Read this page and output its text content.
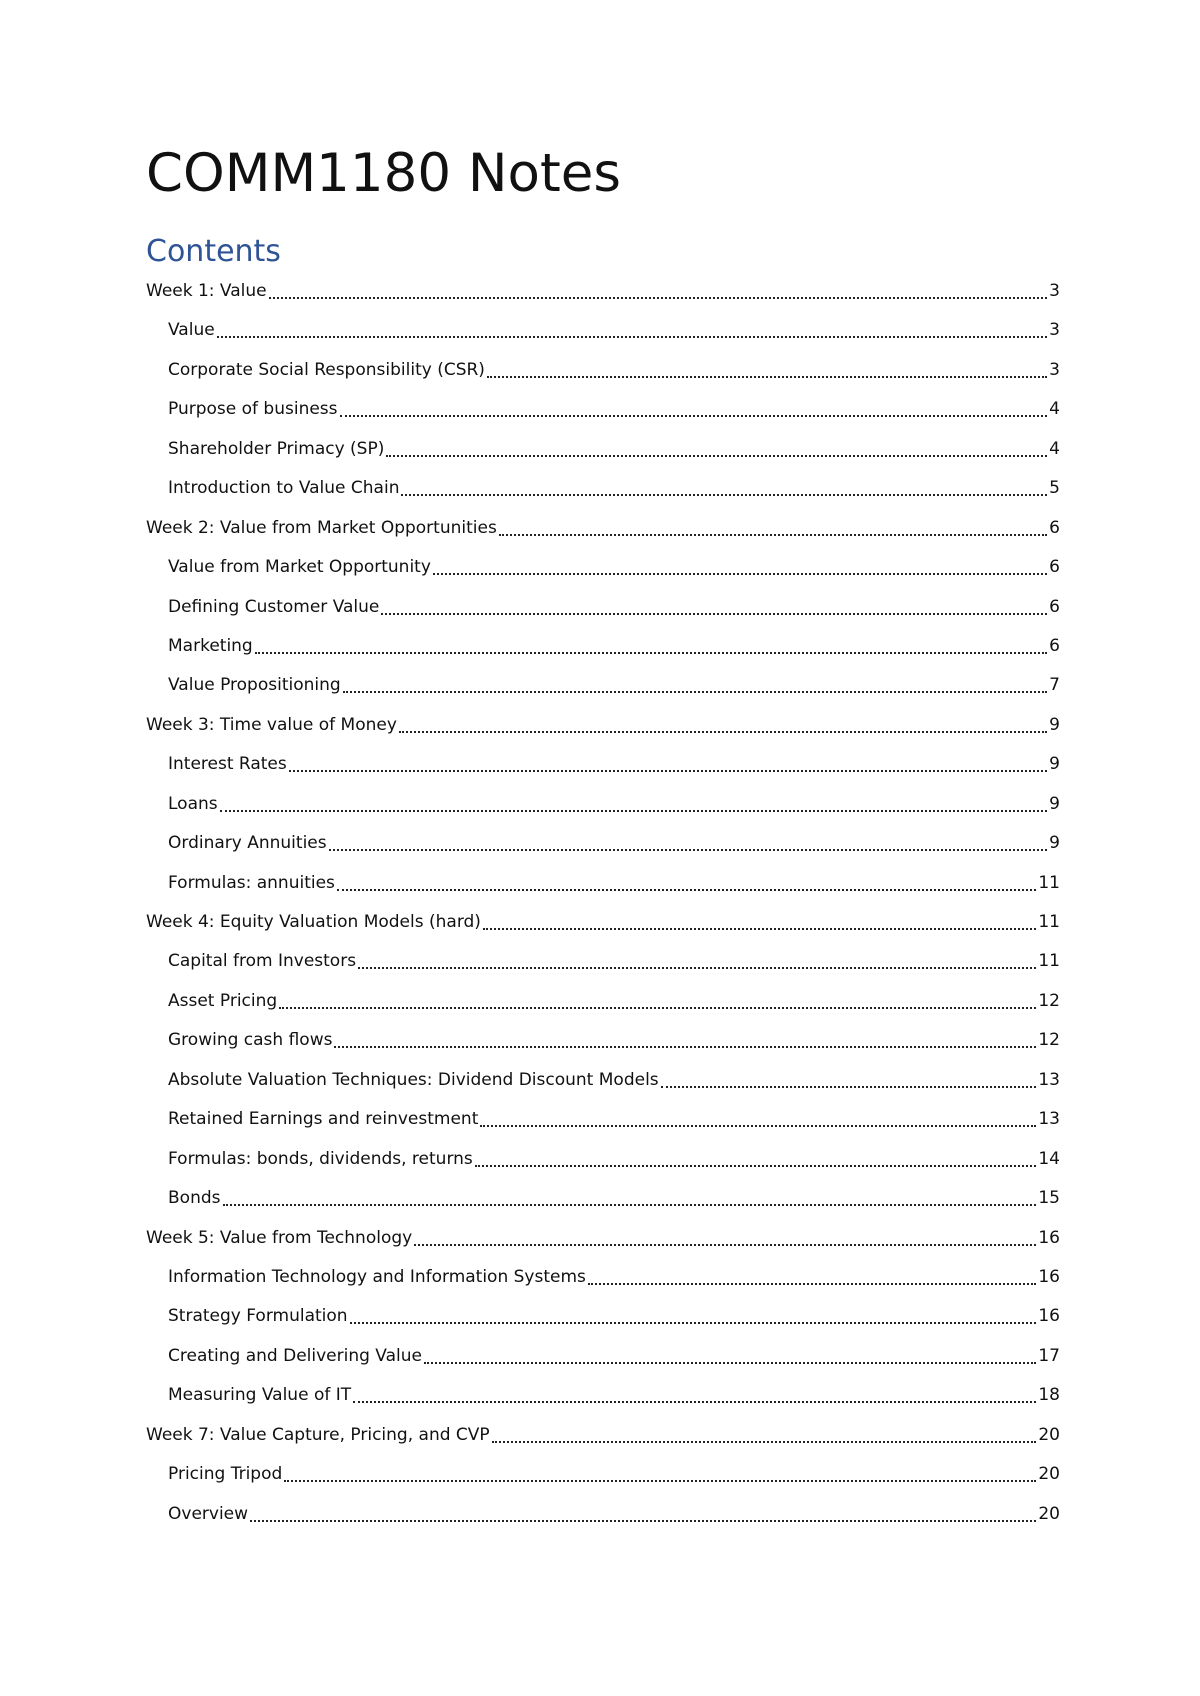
COMM1180 Notes
Contents
Week 1: Value	3
Value	3
Corporate Social Responsibility (CSR)	3
Purpose of business	4
Shareholder Primacy (SP)	4
Introduction to Value Chain	5
Week 2: Value from Market Opportunities	6
Value from Market Opportunity	6
Defining Customer Value	6
Marketing	6
Value Propositioning	7
Week 3: Time value of Money	9
Interest Rates	9
Loans	9
Ordinary Annuities	9
Formulas: annuities	11
Week 4: Equity Valuation Models (hard)	11
Capital from Investors	11
Asset Pricing	12
Growing cash flows	12
Absolute Valuation Techniques: Dividend Discount Models	13
Retained Earnings and reinvestment	13
Formulas: bonds, dividends, returns	14
Bonds	15
Week 5: Value from Technology	16
Information Technology and Information Systems	16
Strategy Formulation	16
Creating and Delivering Value	17
Measuring Value of IT	18
Week 7: Value Capture, Pricing, and CVP	20
Pricing Tripod	20
Overview	20
